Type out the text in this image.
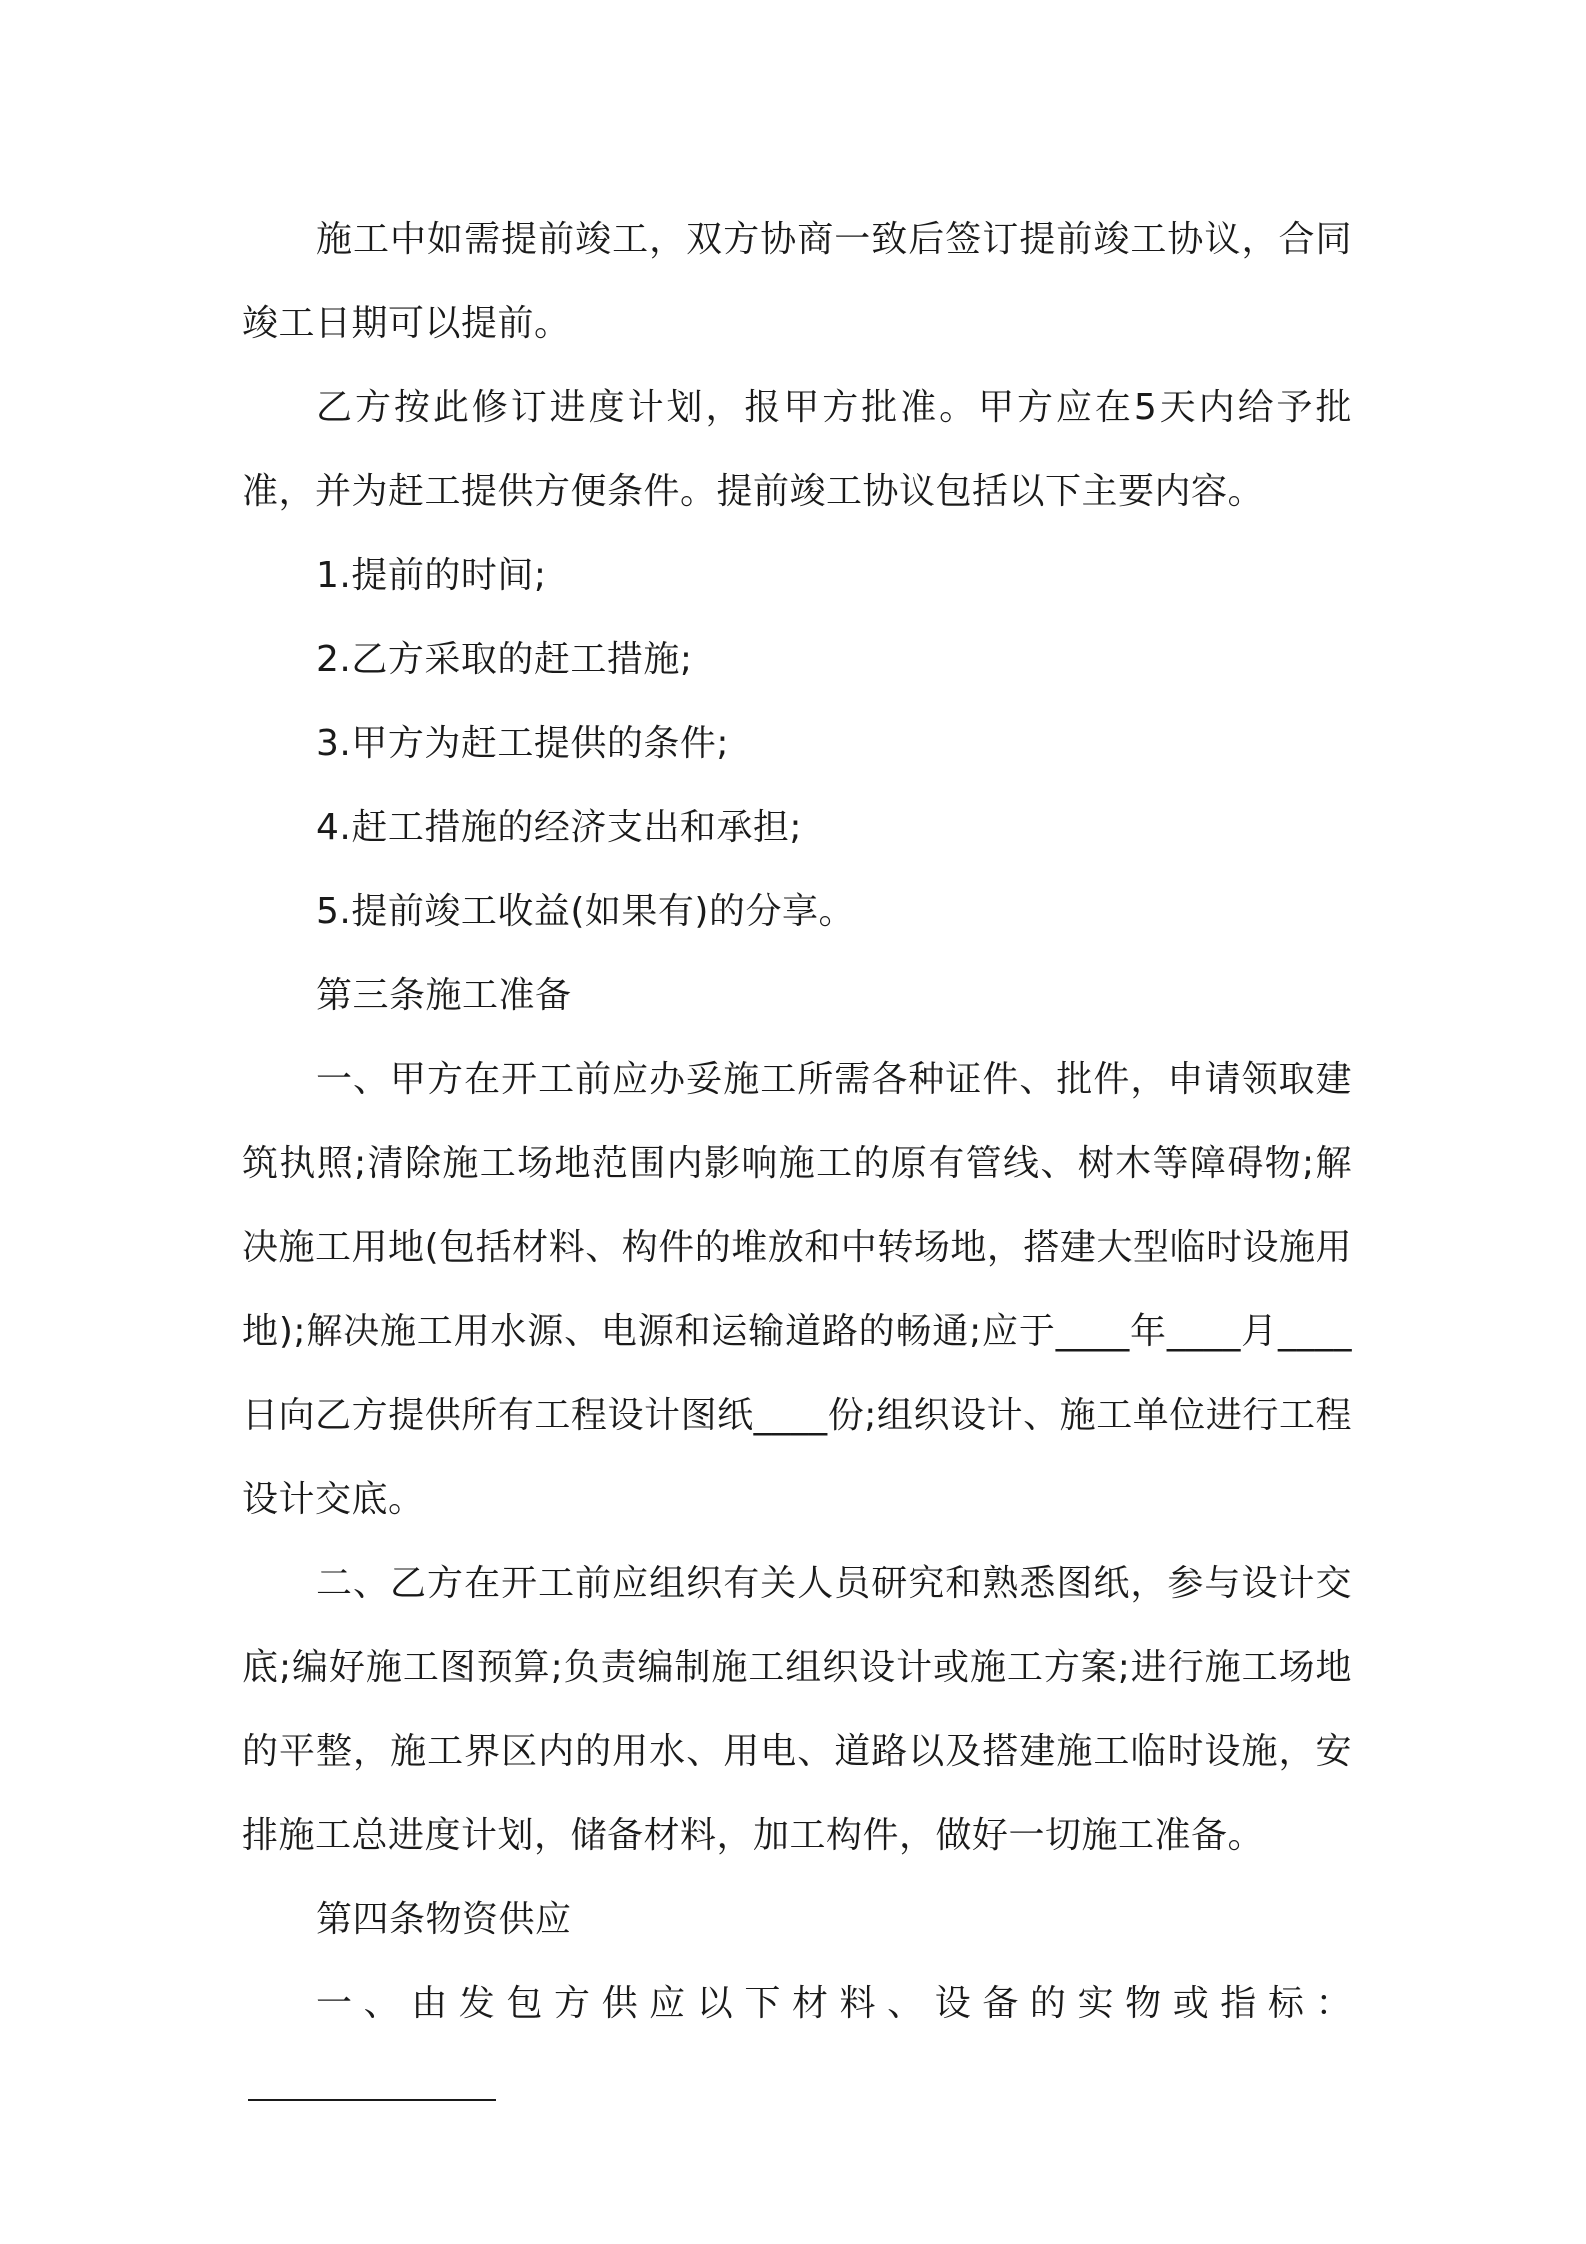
施工中如需提前竣工，双方协商一致后签订提前竣工协议，合同竣工日期可以提前。

乙方按此修订进度计划，报甲方批准。甲方应在5天内给予批准，并为赶工提供方便条件。提前竣工协议包括以下主要内容。

1.提前的时间;

2.乙方采取的赶工措施;

3.甲方为赶工提供的条件;

4.赶工措施的经济支出和承担;

5.提前竣工收益(如果有)的分享。

第三条施工准备

一、甲方在开工前应办妥施工所需各种证件、批件，申请领取建筑执照;清除施工场地范围内影响施工的原有管线、树木等障碍物;解决施工用地(包括材料、构件的堆放和中转场地，搭建大型临时设施用地);解决施工用水源、电源和运输道路的畅通;应于____年____月____日向乙方提供所有工程设计图纸____份;组织设计、施工单位进行工程设计交底。

二、乙方在开工前应组织有关人员研究和熟悉图纸，参与设计交底;编好施工图预算;负责编制施工组织设计或施工方案;进行施工场地的平整，施工界区内的用水、用电、道路以及搭建施工临时设施，安排施工总进度计划，储备材料，加工构件，做好一切施工准备。

第四条物资供应

一、由发包方供应以下材料、设备的实物或指标：
